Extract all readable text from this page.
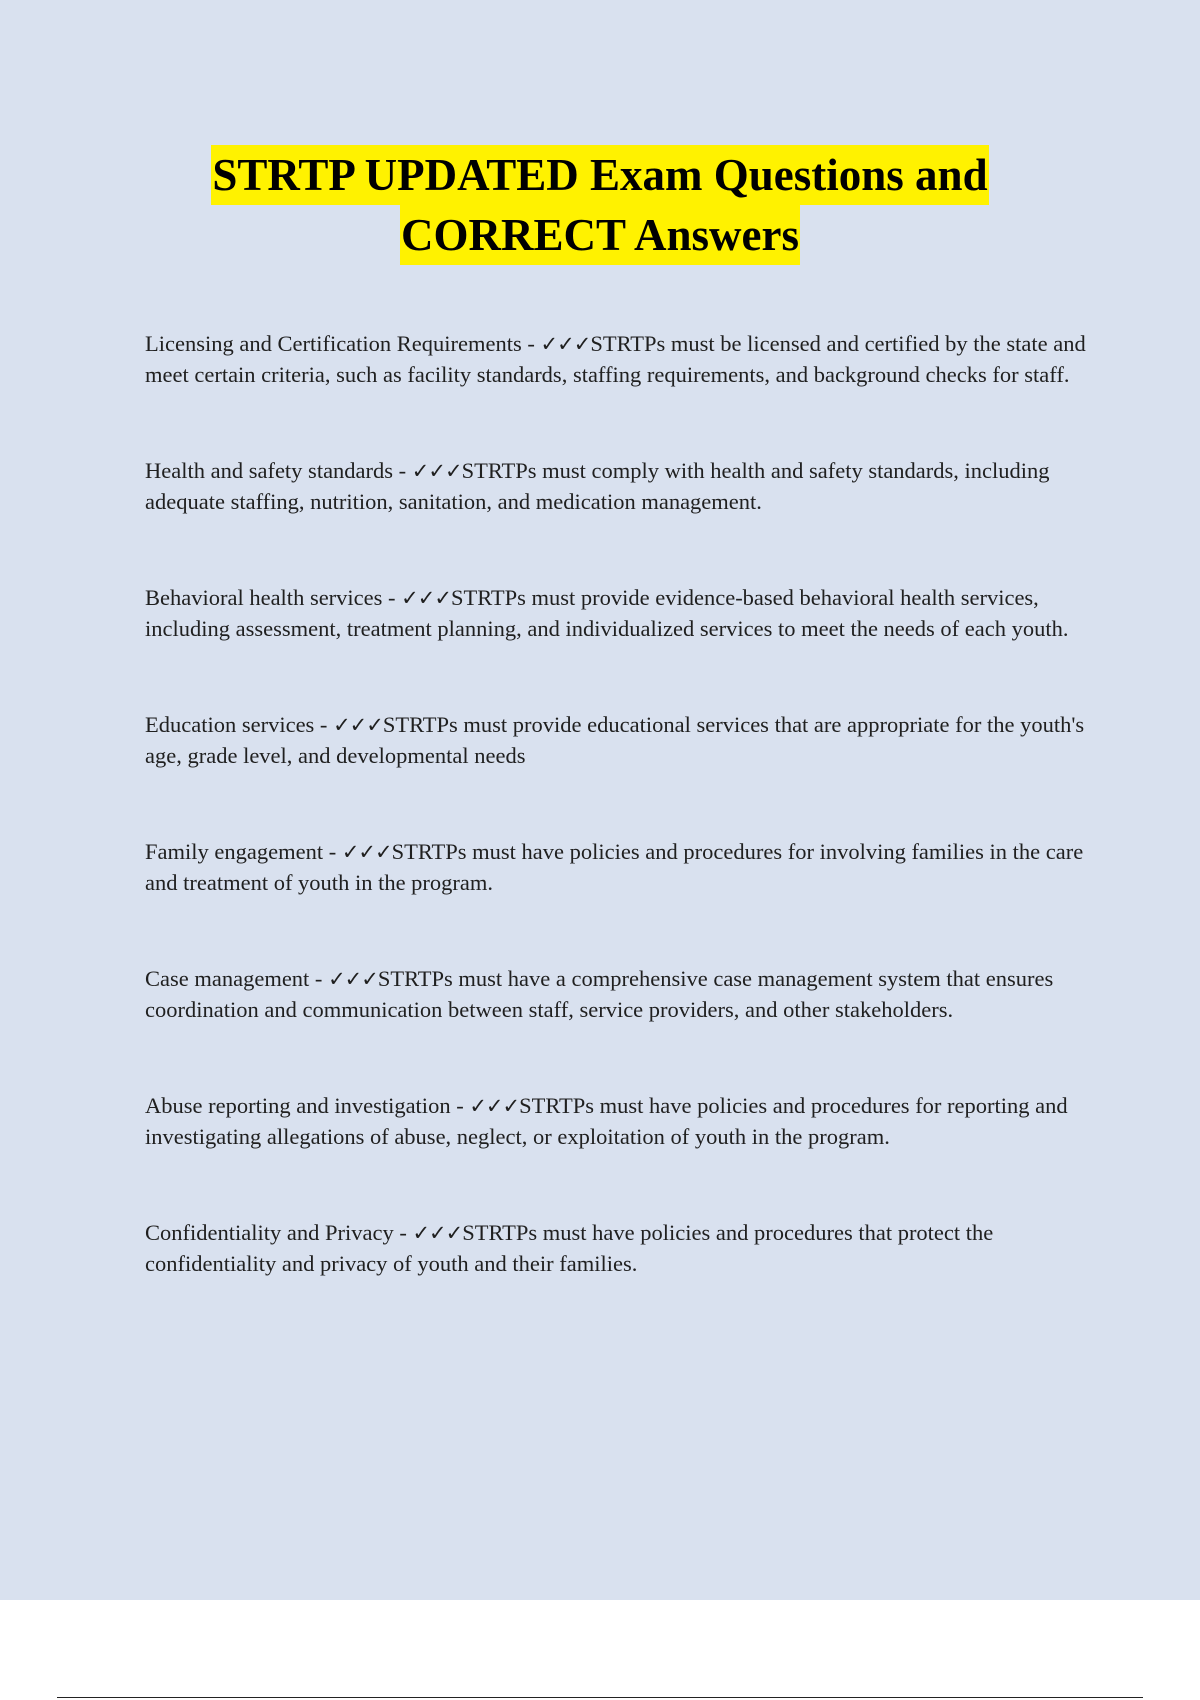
STRTP UPDATED Exam Questions and
CORRECT Answers

Licensing and Certification Requirements - ✓✓✓STRTPs must be licensed and certified by the state and meet certain criteria, such as facility standards, staffing requirements, and background checks for staff.

Health and safety standards - ✓✓✓STRTPs must comply with health and safety standards, including adequate staffing, nutrition, sanitation, and medication management.

Behavioral health services - ✓✓✓STRTPs must provide evidence-based behavioral health services, including assessment, treatment planning, and individualized services to meet the needs of each youth.

Education services - ✓✓✓STRTPs must provide educational services that are appropriate for the youth's age, grade level, and developmental needs

Family engagement - ✓✓✓STRTPs must have policies and procedures for involving families in the care and treatment of youth in the program.

Case management - ✓✓✓STRTPs must have a comprehensive case management system that ensures coordination and communication between staff, service providers, and other stakeholders.

Abuse reporting and investigation - ✓✓✓STRTPs must have policies and procedures for reporting and investigating allegations of abuse, neglect, or exploitation of youth in the program.

Confidentiality and Privacy - ✓✓✓STRTPs must have policies and procedures that protect the confidentiality and privacy of youth and their families.
